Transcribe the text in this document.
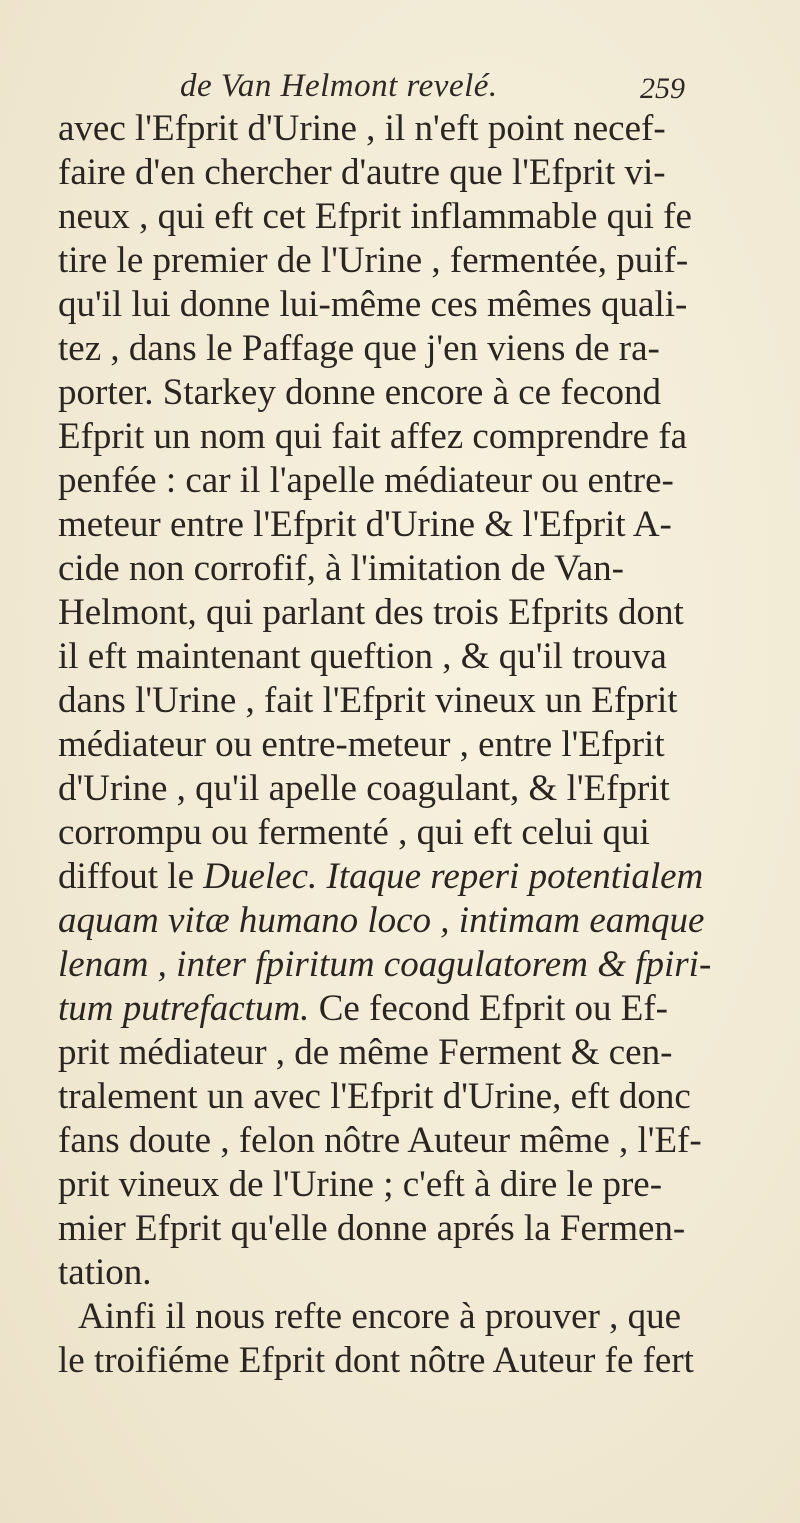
de Van Helmont revelé.	259
avec l'Efprit d'Urine , il n'eft point necef-
faire d'en chercher d'autre que l'Efprit vi-
neux , qui eft cet Efprit inflammable qui fe
tire le premier de l'Urine , fermentée, puif-
qu'il lui donne lui-même ces mêmes quali-
tez , dans le Paffage que j'en viens de ra-
porter. Starkey donne encore à ce fecond
Efprit un nom qui fait affez comprendre fa
penfée : car il l'apelle médiateur ou entre-
meteur entre l'Efprit d'Urine & l'Efprit A-
cide non corrofif, à l'imitation de Van-
Helmont, qui parlant des trois Efprits dont
il eft maintenant queftion , & qu'il trouva
dans l'Urine , fait l'Efprit vineux un Efprit
médiateur ou entre-meteur , entre l'Efprit
d'Urine , qu'il apelle coagulant, & l'Efprit
corrompu ou fermenté , qui eft celui qui
diffout le Duelec. Itaque reperi potentialem
aquam vitæ humano loco , intimam eamque
lenam , inter fpiritum coagulatorem & fpiri-
tum putrefactum. Ce fecond Efprit ou Ef-
prit médiateur , de même Ferment & cen-
tralement un avec l'Efprit d'Urine, eft donc
fans doute , felon nôtre Auteur même , l'Ef-
prit vineux de l'Urine ; c'eft à dire le pre-
mier Efprit qu'elle donne aprés la Fermen-
tation.
Ainfi il nous refte encore à prouver , que
le troifiéme Efprit dont nôtre Auteur fe fert
